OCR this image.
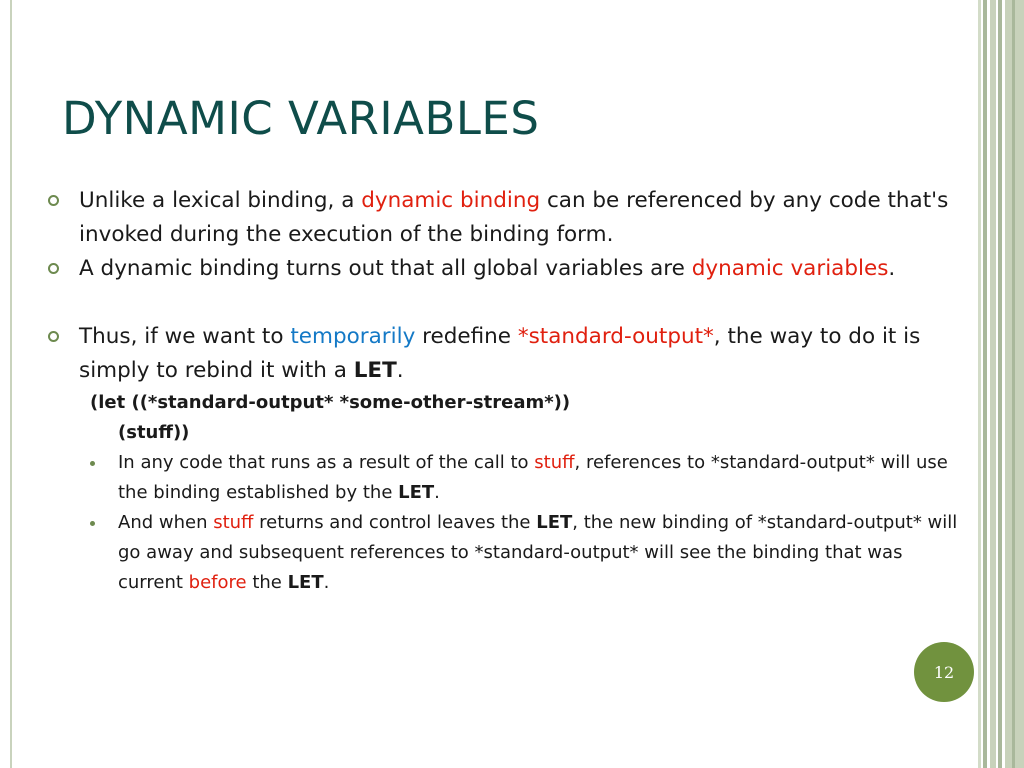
DYNAMIC VARIABLES
Unlike a lexical binding, a dynamic binding can be referenced by any code that's invoked during the execution of the binding form.
A dynamic binding turns out that all global variables are dynamic variables.
Thus, if we want to temporarily redefine *standard-output*, the way to do it is simply to rebind it with a LET.
(let ((*standard-output* *some-other-stream*))
(stuff))
In any code that runs as a result of the call to stuff, references to *standard-output* will use the binding established by the LET.
And when stuff returns and control leaves the LET, the new binding of *standard-output* will go away and subsequent references to *standard-output* will see the binding that was current before the LET.
12
